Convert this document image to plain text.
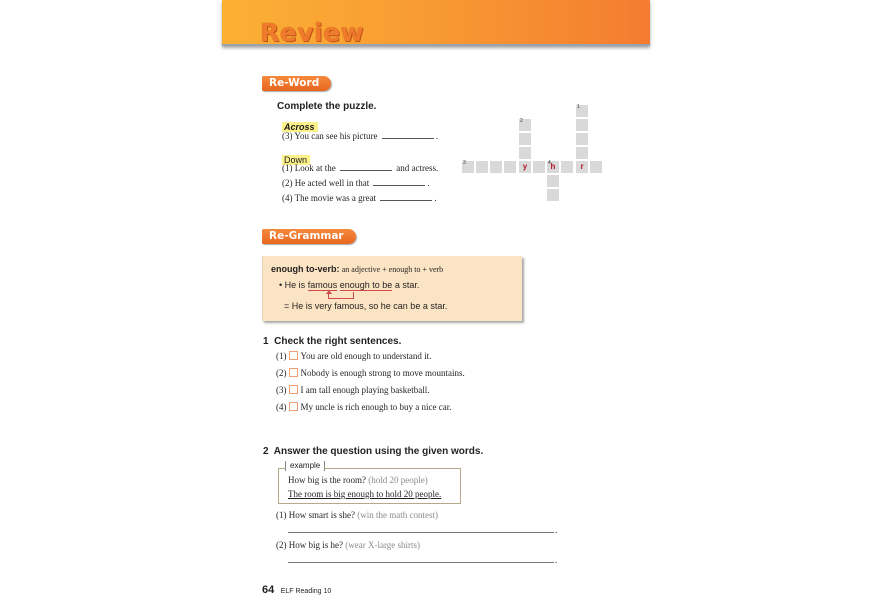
Review
Re-Word
Complete the puzzle.
Across
(3) You can see his picture	.
Down
(1) Look at the	and actress.
(2) He acted well in that	.
(4) The movie was a great	.
1
2
3	y	4 h	r
Re-Grammar
enough to-verb: an adjective + enough to + verb
• He is famous enough to be a star.
= He is very famous, so he can be a star.
1 Check the right sentences.
(1) You are old enough to understand it.
(2) Nobody is enough strong to move mountains.
(3) I am tall enough playing basketball.
(4) My uncle is rich enough to buy a nice car.
2 Answer the question using the given words.
example
How big is the room? (hold 20 people)
The room is big enough to hold 20 people.
(1) How smart is she? (win the math contest)
.
(2) How big is he? (wear X-large shirts)
.
64 ELF Reading 10
